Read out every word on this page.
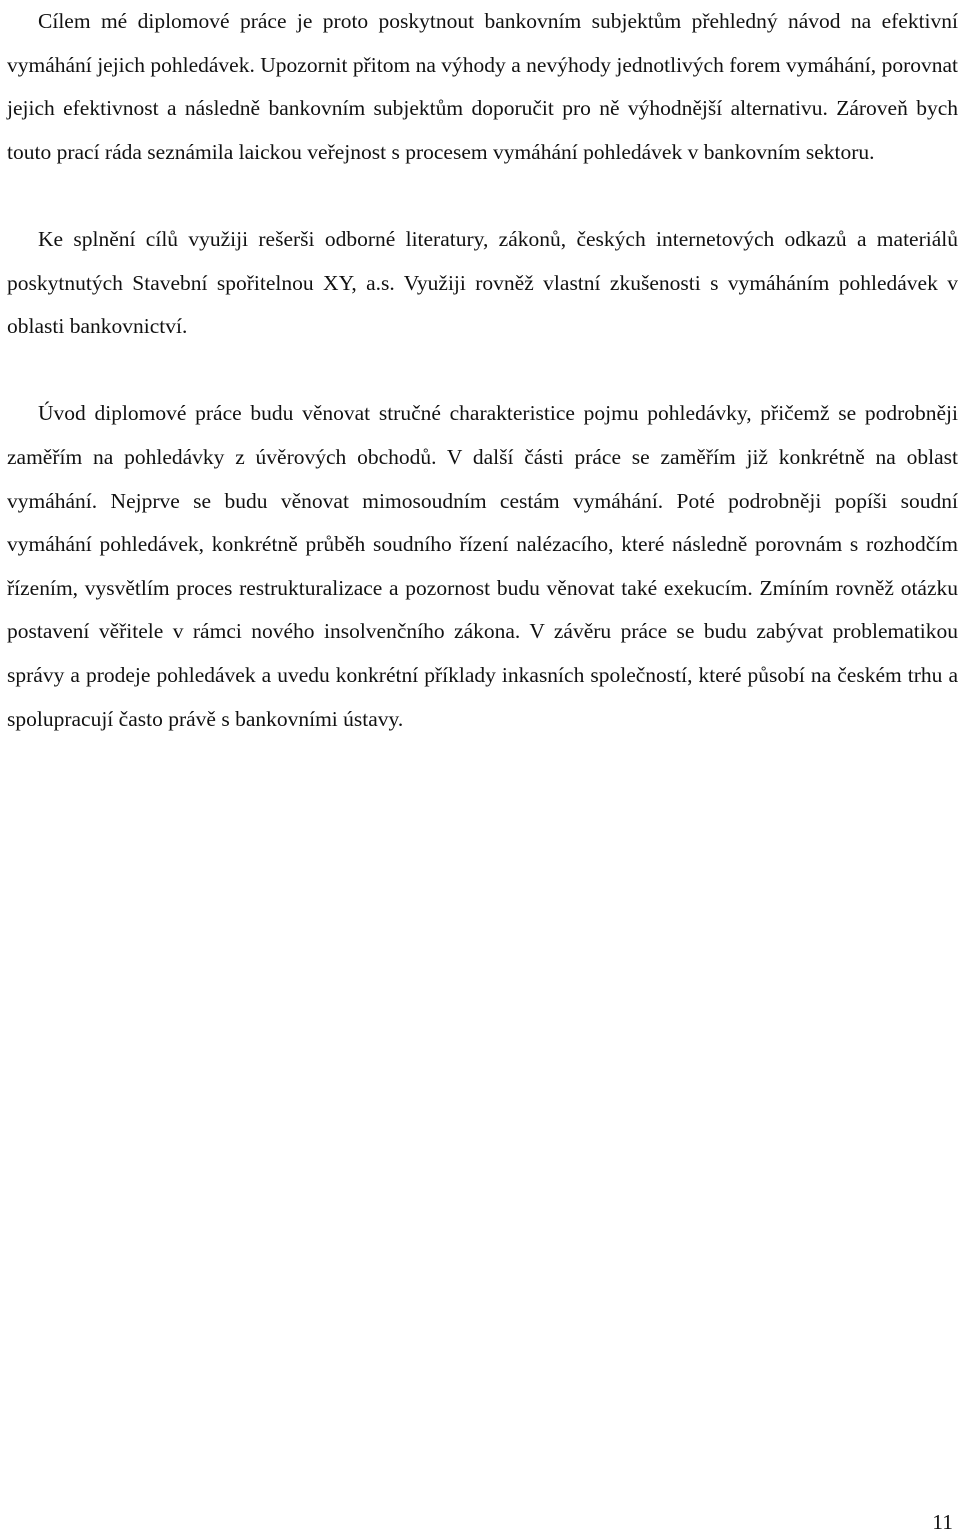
Cílem mé diplomové práce je proto poskytnout bankovním subjektům přehledný návod na efektivní vymáhání jejich pohledávek. Upozornit přitom na výhody a nevýhody jednotlivých forem vymáhání, porovnat jejich efektivnost a následně bankovním subjektům doporučit pro ně výhodnější alternativu. Zároveň bych touto prací ráda seznámila laickou veřejnost s procesem vymáhání pohledávek v bankovním sektoru.

Ke splnění cílů využiji rešerši odborné literatury, zákonů, českých internetových odkazů a materiálů poskytnutých Stavební spořitelnou XY, a.s. Využiji rovněž vlastní zkušenosti s vymáháním pohledávek v oblasti bankovnictví.

Úvod diplomové práce budu věnovat stručné charakteristice pojmu pohledávky, přičemž se podrobněji zaměřím na pohledávky z úvěrových obchodů. V další části práce se zaměřím již konkrétně na oblast vymáhání. Nejprve se budu věnovat mimosoudním cestám vymáhání. Poté podrobněji popíši soudní vymáhání pohledávek, konkrétně průběh soudního řízení nalézacího, které následně porovnám s rozhodčím řízením, vysvětlím proces restrukturalizace a pozornost budu věnovat také exekucím. Zmíním rovněž otázku postavení věřitele v rámci nového insolvenčního zákona. V závěru práce se budu zabývat problematikou správy a prodeje pohledávek a uvedu konkrétní příklady inkasních společností, které působí na českém trhu a spolupracují často právě s bankovními ústavy.

11
